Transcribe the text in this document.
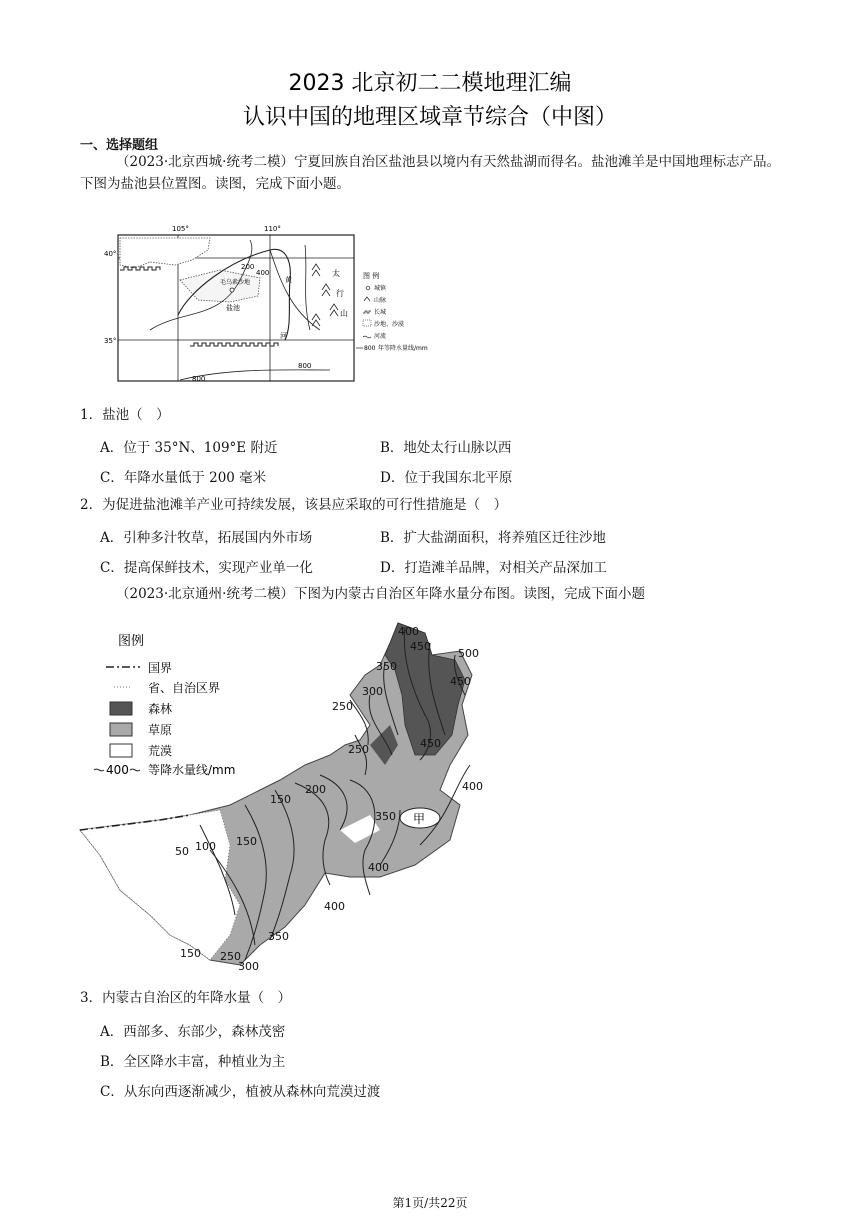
2023 北京初二二模地理汇编
认识中国的地理区域章节综合（中图）
一、选择题组
（2023·北京西城·统考二模）宁夏回族自治区盐池县以境内有天然盐湖而得名。盐池滩羊是中国地理标志产品。下图为盐池县位置图。读图，完成下面小题。
105°	110°
40°
35°
200
400
800
800
盐池
毛乌素沙地	黄
河
太
行
山
图 例
城镇
山脉
长城
沙地、沙漠
河流
800 年等降水量线/mm
1．盐池（　）
A．位于 35°N、109°E 附近	B．地处太行山脉以西
C．年降水量低于 200 毫米	D．位于我国东北平原
2．为促进盐池滩羊产业可持续发展，该县应采取的可行性措施是（　）
A．引种多汁牧草，拓展国内外市场	B．扩大盐湖面积，将养殖区迁往沙地
C．提高保鲜技术，实现产业单一化	D．打造滩羊品牌，对相关产品深加工
（2023·北京通州·统考二模）下图为内蒙古自治区年降水量分布图。读图，完成下面小题
图例
国界
省、自治区界
森林
草原
荒漠
400 等降水量线/mm
甲
400
450
500
350
450
300
250
450
250
400
200
150
350
150
50 100
400
400
350
150 250
300
3．内蒙古自治区的年降水量（　）
A．西部多、东部少，森林茂密
B．全区降水丰富，种植业为主
C．从东向西逐渐减少，植被从森林向荒漠过渡
第1页/共22页
